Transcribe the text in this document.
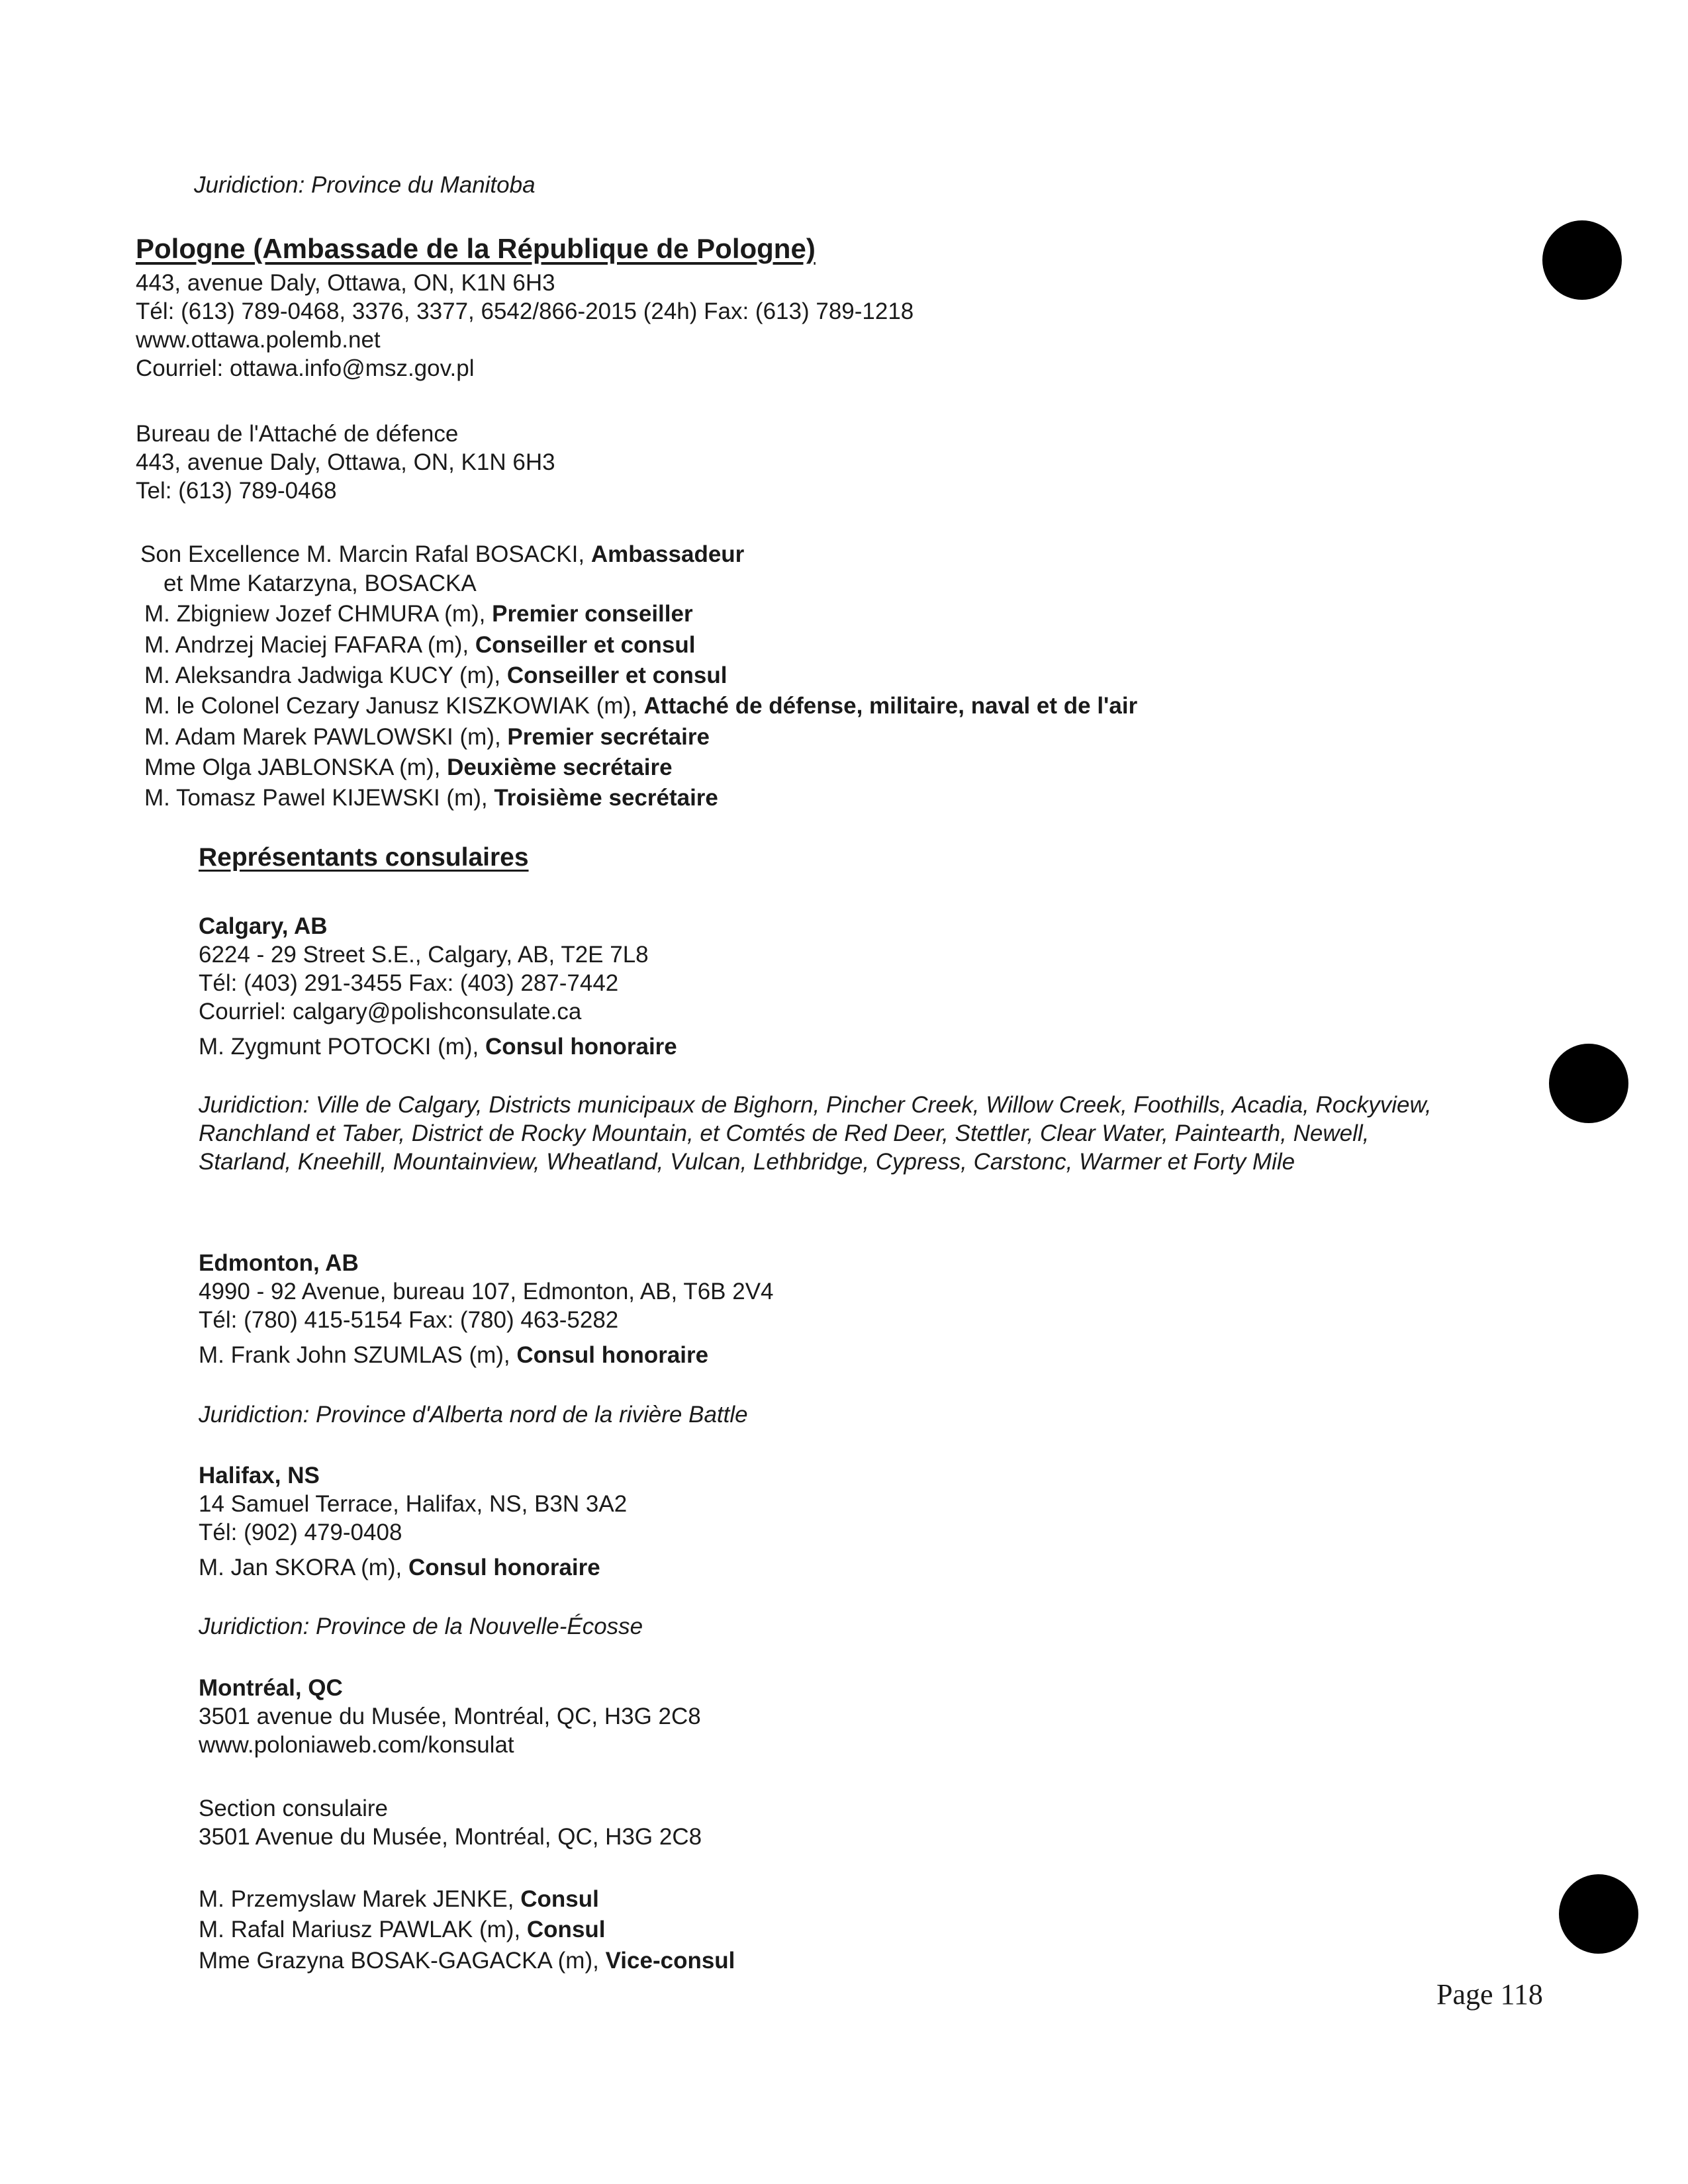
Juridiction: Province du Manitoba
Pologne (Ambassade de la République de Pologne)
443, avenue Daly, Ottawa, ON, K1N 6H3
Tél: (613) 789-0468, 3376, 3377, 6542/866-2015 (24h) Fax: (613) 789-1218
www.ottawa.polemb.net
Courriel: ottawa.info@msz.gov.pl
Bureau de l'Attaché de défence
443, avenue Daly, Ottawa, ON, K1N 6H3
Tel: (613) 789-0468
Son Excellence M. Marcin Rafal BOSACKI, Ambassadeur
et Mme Katarzyna, BOSACKA
M. Zbigniew Jozef CHMURA (m), Premier conseiller
M. Andrzej Maciej FAFARA (m), Conseiller et consul
M. Aleksandra Jadwiga KUCY (m), Conseiller et consul
M. le Colonel Cezary Janusz KISZKOWIAK (m), Attaché de défense, militaire, naval et de l'air
M. Adam Marek PAWLOWSKI (m), Premier secrétaire
Mme Olga JABLONSKA (m), Deuxième secrétaire
M. Tomasz Pawel KIJEWSKI (m), Troisième secrétaire
Représentants consulaires
Calgary, AB
6224 - 29 Street S.E., Calgary, AB, T2E 7L8
Tél: (403) 291-3455 Fax: (403) 287-7442
Courriel: calgary@polishconsulate.ca
M. Zygmunt POTOCKI (m), Consul honoraire
Juridiction: Ville de Calgary, Districts municipaux de Bighorn, Pincher Creek, Willow Creek, Foothills, Acadia, Rockyview,
Ranchland et Taber, District de Rocky Mountain, et Comtés de Red Deer, Stettler, Clear Water, Paintearth, Newell,
Starland, Kneehill, Mountainview, Wheatland, Vulcan, Lethbridge, Cypress, Carstonc, Warmer et Forty Mile
Edmonton, AB
4990 - 92 Avenue, bureau 107, Edmonton, AB, T6B 2V4
Tél: (780) 415-5154 Fax: (780) 463-5282
M. Frank John SZUMLAS (m), Consul honoraire
Juridiction: Province d'Alberta nord de la rivière Battle
Halifax, NS
14 Samuel Terrace, Halifax, NS, B3N 3A2
Tél: (902) 479-0408
M. Jan SKORA (m), Consul honoraire
Juridiction: Province de la Nouvelle-Écosse
Montréal, QC
3501 avenue du Musée, Montréal, QC, H3G 2C8
www.poloniaweb.com/konsulat
Section consulaire
3501 Avenue du Musée, Montréal, QC, H3G 2C8
M. Przemyslaw Marek JENKE, Consul
M. Rafal Mariusz PAWLAK (m), Consul
Mme Grazyna BOSAK-GAGACKA (m), Vice-consul
Page 118
